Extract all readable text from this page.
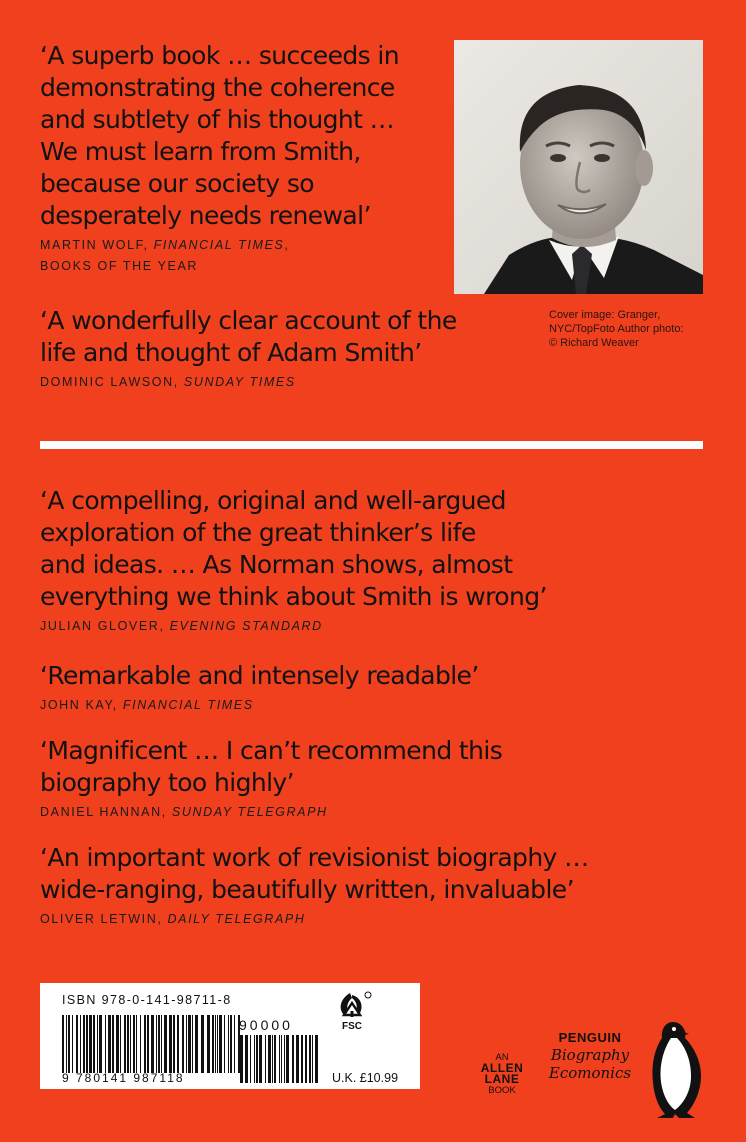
‘A superb book … succeeds in
demonstrating the coherence
and subtlety of his thought …
We must learn from Smith,
because our society so
desperately needs renewal’

MARTIN WOLF, FINANCIAL TIMES,
BOOKS OF THE YEAR

‘A wonderfully clear account of the
life and thought of Adam Smith’

DOMINIC LAWSON, SUNDAY TIMES
Cover image: Granger,
NYC/TopFoto Author photo:
© Richard Weaver

‘A compelling, original and well-argued
exploration of the great thinker’s life
and ideas. … As Norman shows, almost
everything we think about Smith is wrong’

JULIAN GLOVER, EVENING STANDARD

‘Remarkable and intensely readable’

JOHN KAY, FINANCIAL TIMES

‘Magnificent … I can’t recommend this
biography too highly’

DANIEL HANNAN, SUNDAY TELEGRAPH

‘An important work of revisionist biography …
wide-ranging, beautifully written, invaluable’

OLIVER LETWIN, DAILY TELEGRAPH
ISBN 978-0-141-98711-8
9 780141 987118
90000	FSC
U.K. £10.99
AN
ALLEN
LANE
BOOK
PENGUIN
Biography
Ecomonics
